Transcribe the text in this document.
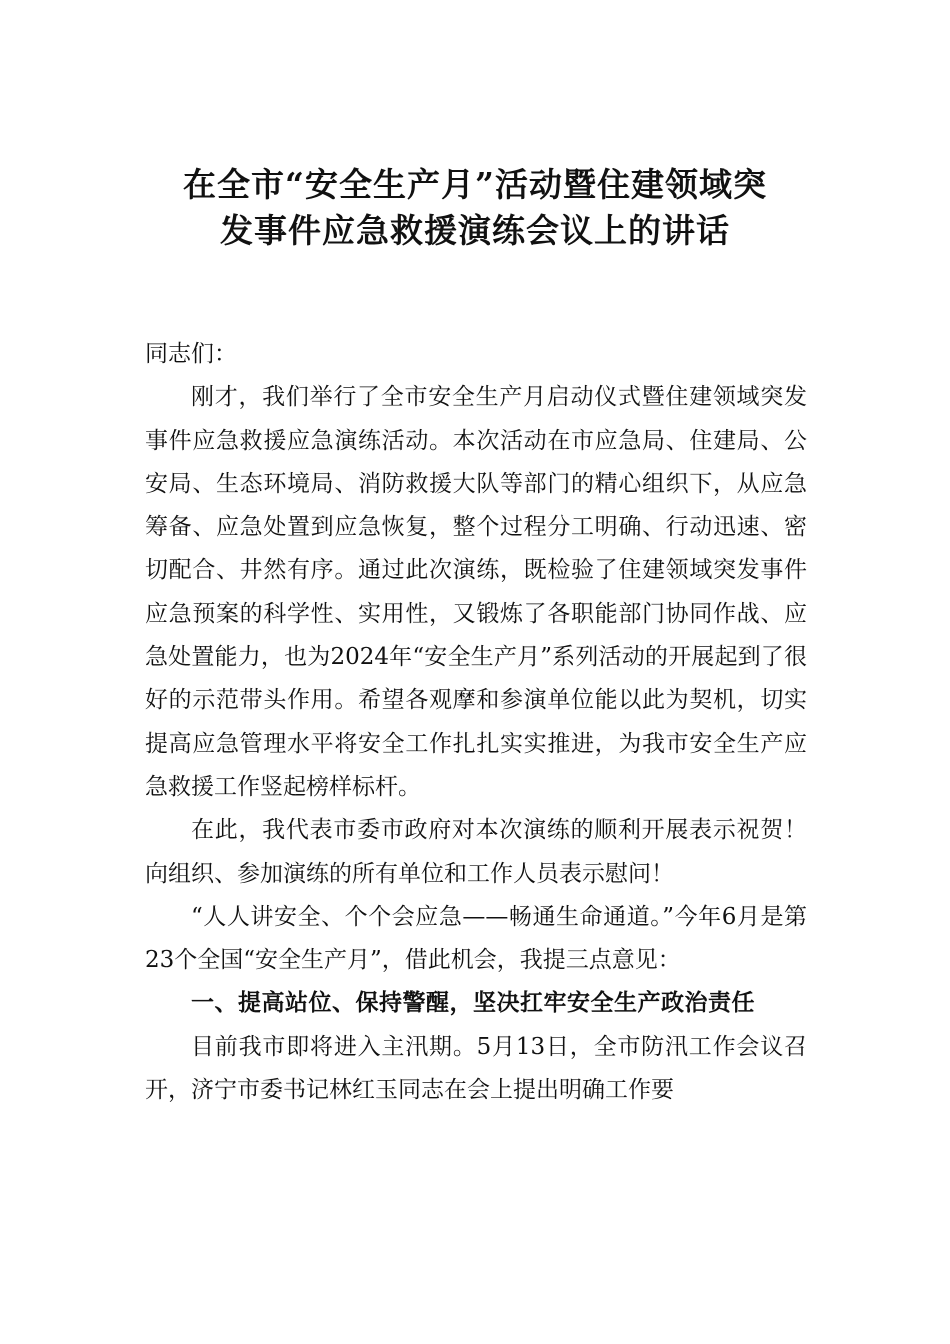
在全市“安全生产月”活动暨住建领域突
发事件应急救援演练会议上的讲话

同志们：

刚才，我们举行了全市安全生产月启动仪式暨住建领域突发事件应急救援应急演练活动。本次活动在市应急局、住建局、公安局、生态环境局、消防救援大队等部门的精心组织下，从应急筹备、应急处置到应急恢复，整个过程分工明确、行动迅速、密切配合、井然有序。通过此次演练，既检验了住建领域突发事件应急预案的科学性、实用性，又锻炼了各职能部门协同作战、应急处置能力，也为2024年“安全生产月”系列活动的开展起到了很好的示范带头作用。希望各观摩和参演单位能以此为契机，切实提高应急管理水平将安全工作扎扎实实推进，为我市安全生产应急救援工作竖起榜样标杆。

在此，我代表市委市政府对本次演练的顺利开展表示祝贺！向组织、参加演练的所有单位和工作人员表示慰问！

“人人讲安全、个个会应急——畅通生命通道。”今年6月是第23个全国“安全生产月”，借此机会，我提三点意见：

一、提高站位、保持警醒，坚决扛牢安全生产政治责任

目前我市即将进入主汛期。5月13日，全市防汛工作会议召开，济宁市委书记林红玉同志在会上提出明确工作要
